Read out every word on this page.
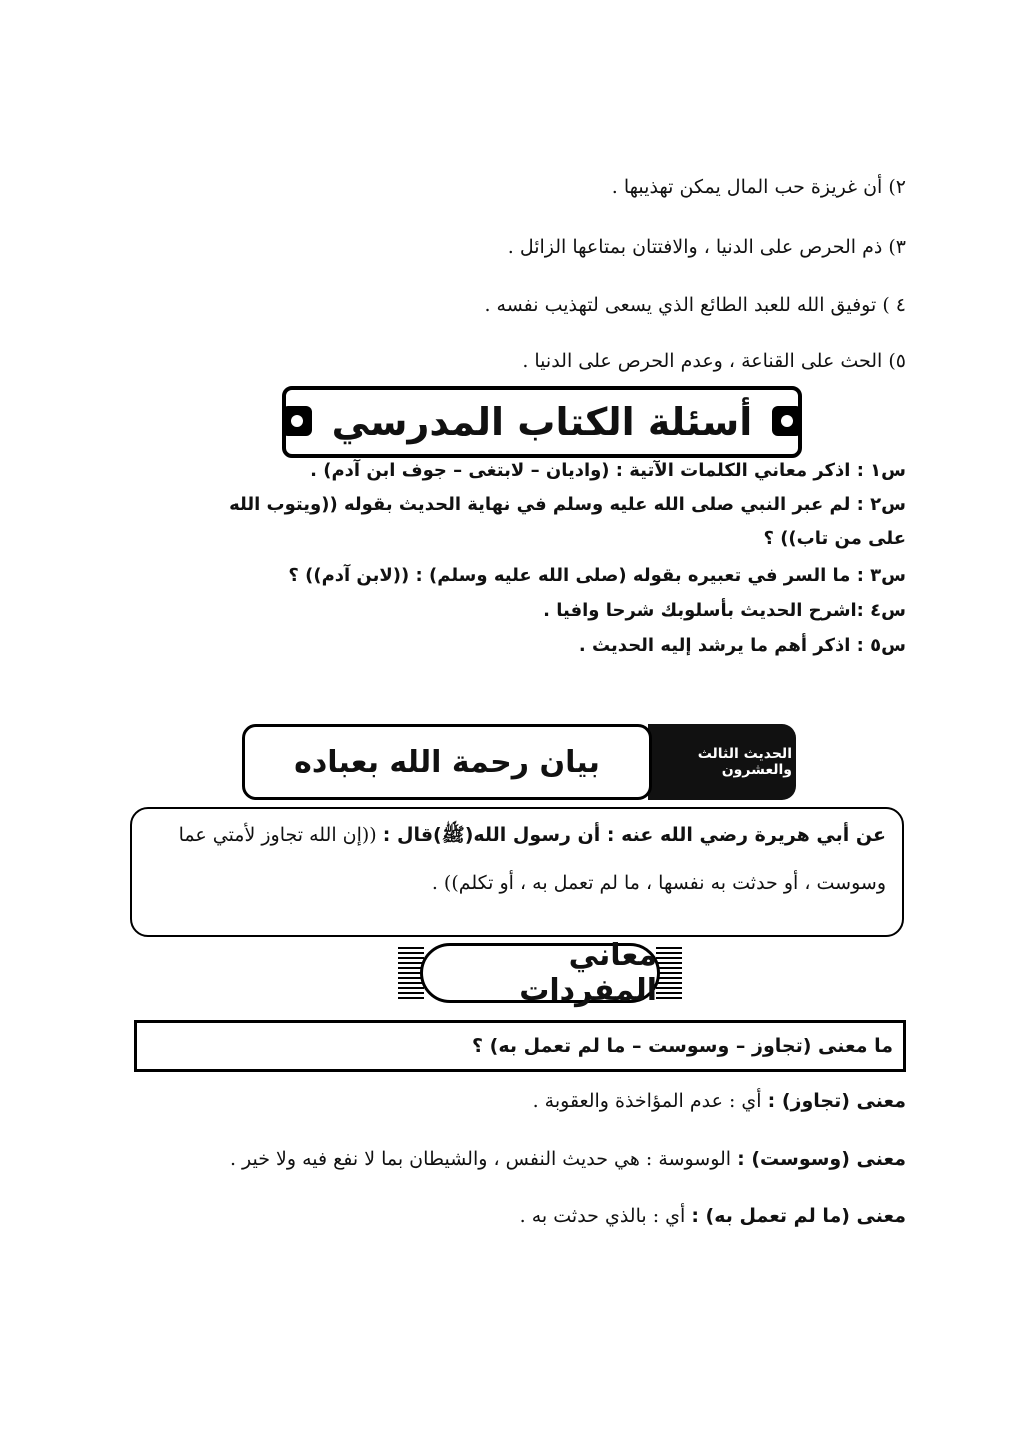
٢) أن غريزة حب المال يمكن تهذيبها .
٣) ذم الحرص على الدنيا ، والافتتان بمتاعها الزائل .
٤ ) توفيق الله للعبد الطائع الذي يسعى لتهذيب نفسه .
٥) الحث على القناعة ، وعدم الحرص على الدنيا .
أسئلة الكتاب المدرسي
س١ : اذكر معاني الكلمات الآتية : (واديان – لابتغى – جوف ابن آدم) .
س٢ : لم عبر النبي صلى الله عليه وسلم في نهاية الحديث بقوله ((ويتوب الله
على من تاب)) ؟
س٣ : ما السر في تعبيره بقوله (صلى الله عليه وسلم) : ((لابن آدم)) ؟
س٤ :اشرح الحديث بأسلوبك شرحا وافيا .
س٥ : اذكر أهم ما يرشد إليه الحديث .
الحديث الثالث والعشرون
بيان رحمة الله بعباده
عن أبي هريرة رضي الله عنه : أن رسول الله(ﷺ)قال : ((إن الله تجاوز لأمتي عما
وسوست ، أو حدثت به نفسها ، ما لم تعمل به ، أو تكلم)) .
معاني المفردات
ما معنى (تجاوز – وسوست – ما لم تعمل به) ؟
معنى (تجاوز) : أي : عدم المؤاخذة والعقوبة .
معنى (وسوست) : الوسوسة : هي حديث النفس ، والشيطان بما لا نفع فيه ولا خير .
معنى (ما لم تعمل به) : أي : بالذي حدثت به .
